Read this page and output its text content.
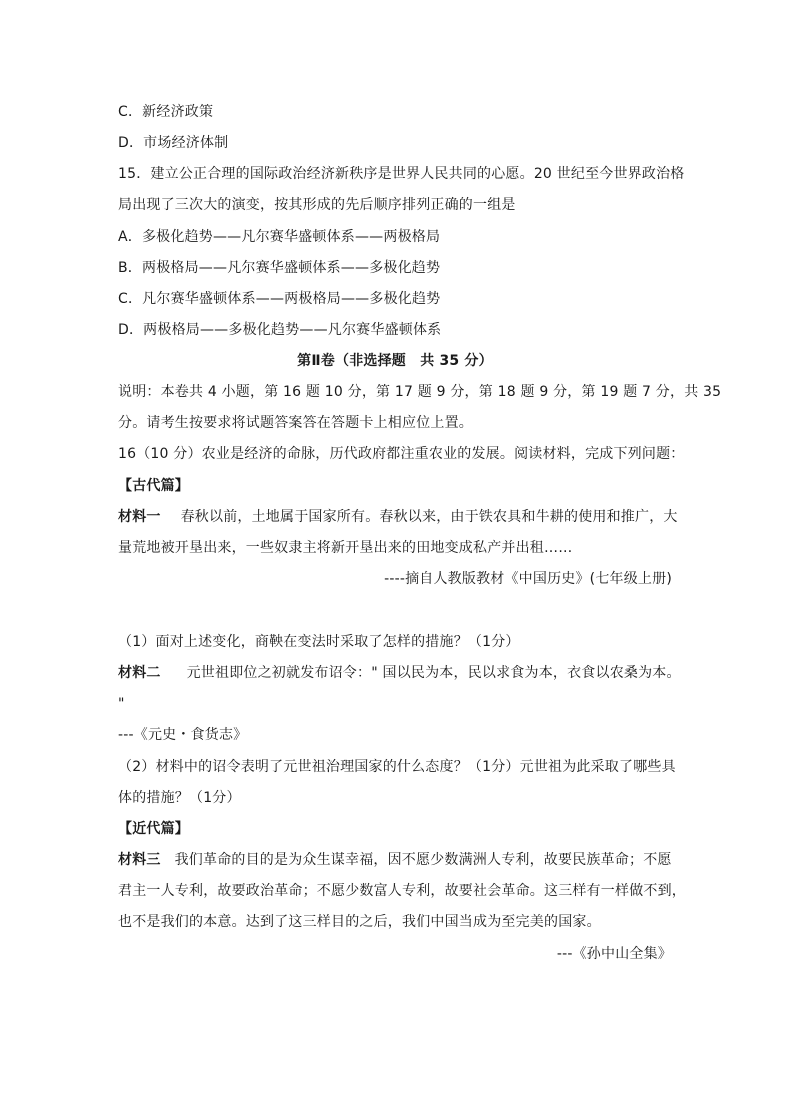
C．新经济政策
D．市场经济体制
15．建立公正合理的国际政治经济新秩序是世界人民共同的心愿。20 世纪至今世界政治格
局出现了三次大的演变，按其形成的先后顺序排列正确的一组是
A．多极化趋势——凡尔赛华盛顿体系——两极格局
B．两极格局——凡尔赛华盛顿体系——多极化趋势
C．凡尔赛华盛顿体系——两极格局——多极化趋势
D．两极格局——多极化趋势——凡尔赛华盛顿体系
第Ⅱ卷（非选择题　共 35 分）
说明：本卷共 4 小题，第 16 题 10 分，第 17 题 9 分，第 18 题 9 分，第 19 题 7 分，共 35
分。请考生按要求将试题答案答在答题卡上相应位上置。
16（10 分）农业是经济的命脉，历代政府都注重农业的发展。阅读材料，完成下列问题：
【古代篇】
材料一 春秋以前，土地属于国家所有。春秋以来，由于铁农具和牛耕的使用和推广，大
量荒地被开垦出来，一些奴隶主将新开垦出来的田地变成私产并出租……
----摘自人教版教材《中国历史》(七年级上册)
（1）面对上述变化，商鞅在变法时采取了怎样的措施？（1分）
材料二 元世祖即位之初就发布诏令：" 国以民为本，民以求食为本，衣食以农桑为本。
"
---《元史・食货志》
（2）材料中的诏令表明了元世祖治理国家的什么态度？（1分）元世祖为此采取了哪些具
体的措施？（1分）
【近代篇】
材料三 我们革命的目的是为众生谋幸福，因不愿少数满洲人专利，故要民族革命；不愿
君主一人专利，故要政治革命；不愿少数富人专利，故要社会革命。这三样有一样做不到，
也不是我们的本意。达到了这三样目的之后，我们中国当成为至完美的国家。
---《孙中山全集》
